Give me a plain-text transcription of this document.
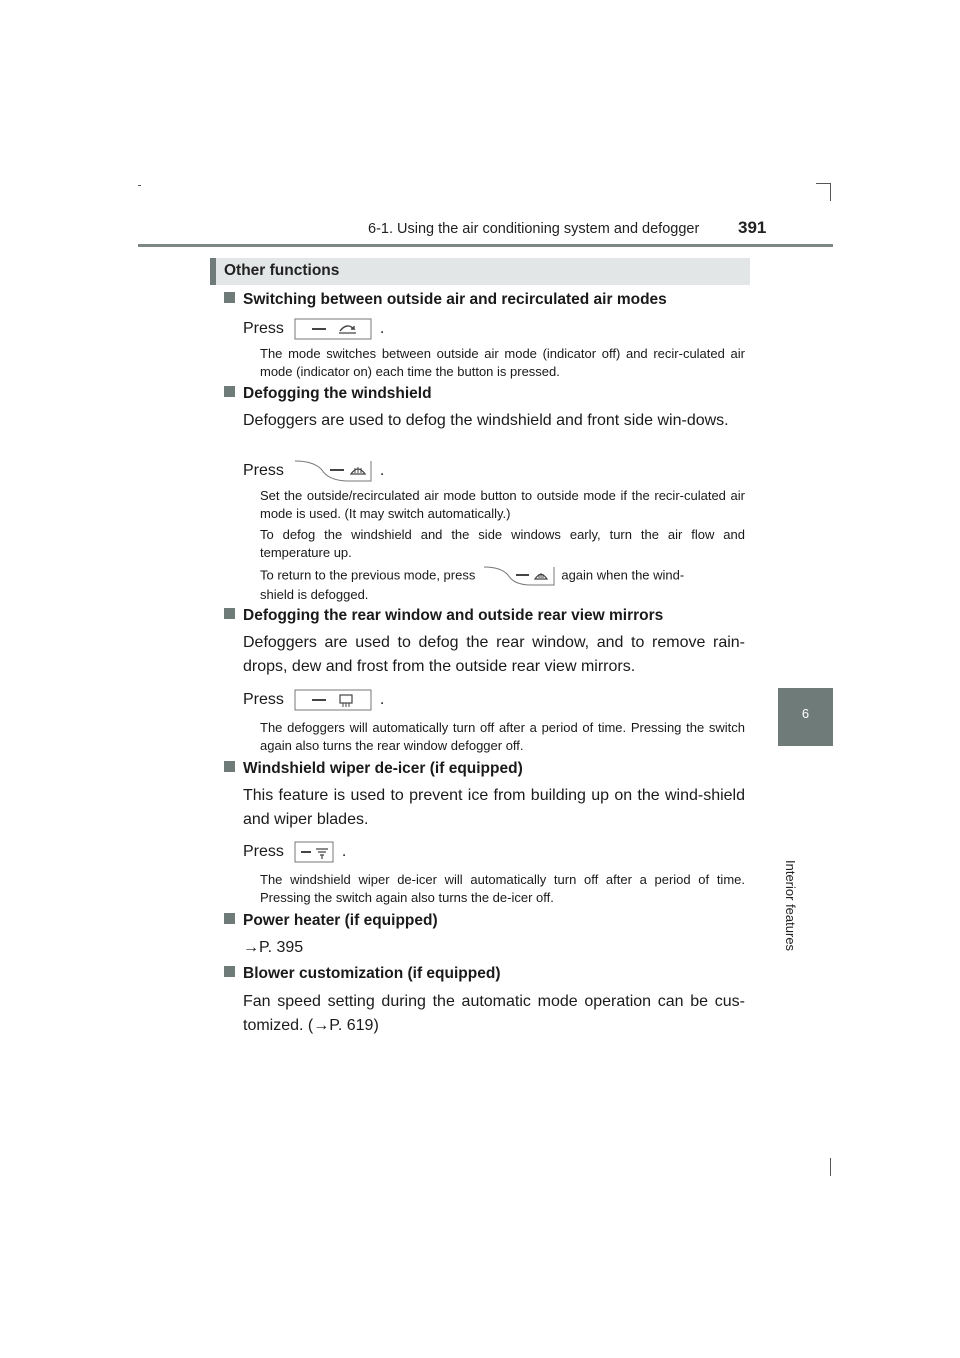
6-1. Using the air conditioning system and defogger 391
6
Interior features
Other functions
Switching between outside air and recirculated air modes
Press	.
The mode switches between outside air mode (indicator off) and recir-culated air mode (indicator on) each time the button is pressed.
Defogging the windshield
Defoggers are used to defog the windshield and front side win-dows.
Press	.
Set the outside/recirculated air mode button to outside mode if the recir-culated air mode is used. (It may switch automatically.)
To defog the windshield and the side windows early, turn the air flow and temperature up.
To return to the previous mode, press	again when the wind-
shield is defogged.
Defogging the rear window and outside rear view mirrors
Defoggers are used to defog the rear window, and to remove rain-drops, dew and frost from the outside rear view mirrors.
Press	.
The defoggers will automatically turn off after a period of time. Pressing the switch again also turns the rear window defogger off.
Windshield wiper de-icer (if equipped)
This feature is used to prevent ice from building up on the wind-shield and wiper blades.
Press	.
The windshield wiper de-icer will automatically turn off after a period of time. Pressing the switch again also turns the de-icer off.
Power heater (if equipped)
→P. 395
Blower customization (if equipped)
Fan speed setting during the automatic mode operation can be cus-tomized. (→P. 619)
